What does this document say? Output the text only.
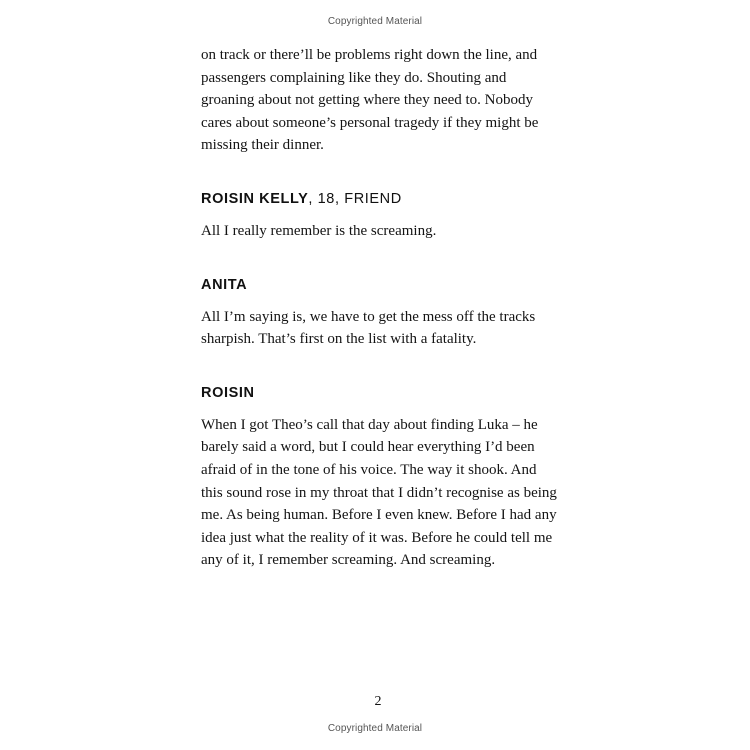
Copyrighted Material

on track or there’ll be problems right down the line, and passengers complaining like they do. Shouting and groaning about not getting where they need to. Nobody cares about someone’s personal tragedy if they might be missing their dinner.

ROISIN KELLY, 18, FRIEND

All I really remember is the screaming.

ANITA

All I’m saying is, we have to get the mess off the tracks sharpish. That’s first on the list with a fatality.

ROISIN

When I got Theo’s call that day about finding Luka – he barely said a word, but I could hear everything I’d been afraid of in the tone of his voice. The way it shook. And this sound rose in my throat that I didn’t recognise as being me. As being human. Before I even knew. Before I had any idea just what the reality of it was. Before he could tell me any of it, I remember screaming. And screaming.

2
Copyrighted Material
